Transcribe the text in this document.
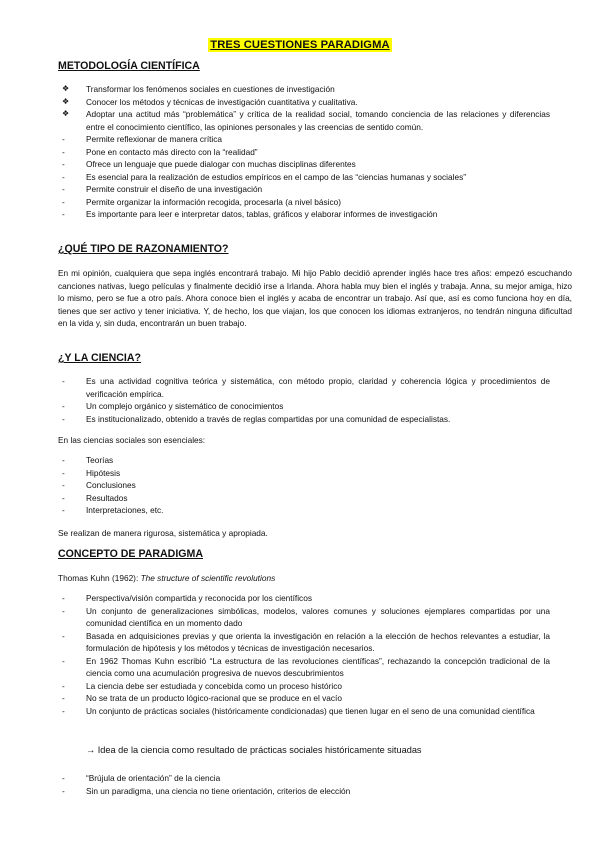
TRES CUESTIONES PARADIGMA
METODOLOGÍA CIENTÍFICA
❖	Transformar los fenómenos sociales en cuestiones de investigación
❖	Conocer los métodos y técnicas de investigación cuantitativa y cualitativa.
❖	Adoptar una actitud más “problemática” y crítica de la realidad social, tomando conciencia de las relaciones y diferencias entre el conocimiento científico, las opiniones personales y las creencias de sentido común.
-	Permite reflexionar de manera crítica
-	Pone en contacto más directo con la “realidad”
-	Ofrece un lenguaje que puede dialogar con muchas disciplinas diferentes
-	Es esencial para la realización de estudios empíricos en el campo de las “ciencias humanas y sociales”
-	Permite construir el diseño de una investigación
-	Permite organizar la información recogida, procesarla (a nivel básico)
-	Es importante para leer e interpretar datos, tablas, gráficos y elaborar informes de investigación
¿QUÉ TIPO DE RAZONAMIENTO?

En mi opinión, cualquiera que sepa inglés encontrará trabajo. Mi hijo Pablo decidió aprender inglés hace tres años: empezó escuchando canciones nativas, luego películas y finalmente decidió irse a Irlanda. Ahora habla muy bien el inglés y trabaja. Anna, su mejor amiga, hizo lo mismo, pero se fue a otro país. Ahora conoce bien el inglés y acaba de encontrar un trabajo. Así que, así es como funciona hoy en día, tienes que ser activo y tener iniciativa. Y, de hecho, los que viajan, los que conocen los idiomas extranjeros, no tendrán ninguna dificultad en la vida y, sin duda, encontrarán un buen trabajo.

¿Y LA CIENCIA?
-	Es una actividad cognitiva teórica y sistemática, con método propio, claridad y coherencia lógica y procedimientos de verificación empírica.
-	Un complejo orgánico y sistemático de conocimientos
-	Es institucionalizado, obtenido a través de reglas compartidas por una comunidad de especialistas.

En las ciencias sociales son esenciales:

-	Teorías
-	Hipótesis
-	Conclusiones
-	Resultados
-	Interpretaciones, etc.

Se realizan de manera rigurosa, sistemática y apropiada.

CONCEPTO DE PARADIGMA

Thomas Kuhn (1962): The structure of scientific revolutions

-	Perspectiva/visión compartida y reconocida por los científicos
-	Un conjunto de generalizaciones simbólicas, modelos, valores comunes y soluciones ejemplares compartidas por una comunidad científica en un momento dado
-	Basada en adquisiciones previas y que orienta la investigación en relación a la elección de hechos relevantes a estudiar, la formulación de hipótesis y los métodos y técnicas de investigación necesarios.
-	En 1962 Thomas Kuhn escribió “La estructura de las revoluciones científicas”, rechazando la concepción tradicional de la ciencia como una acumulación progresiva de nuevos descubrimientos
-	La ciencia debe ser estudiada y concebida como un proceso histórico
-	No se trata de un producto lógico-racional que se produce en el vacío
-	Un conjunto de prácticas sociales (históricamente condicionadas) que tienen lugar en el seno de una comunidad científica

→ Idea de la ciencia como resultado de prácticas sociales históricamente situadas

-	“Brújula de orientación” de la ciencia
-	Sin un paradigma, una ciencia no tiene orientación, criterios de elección
